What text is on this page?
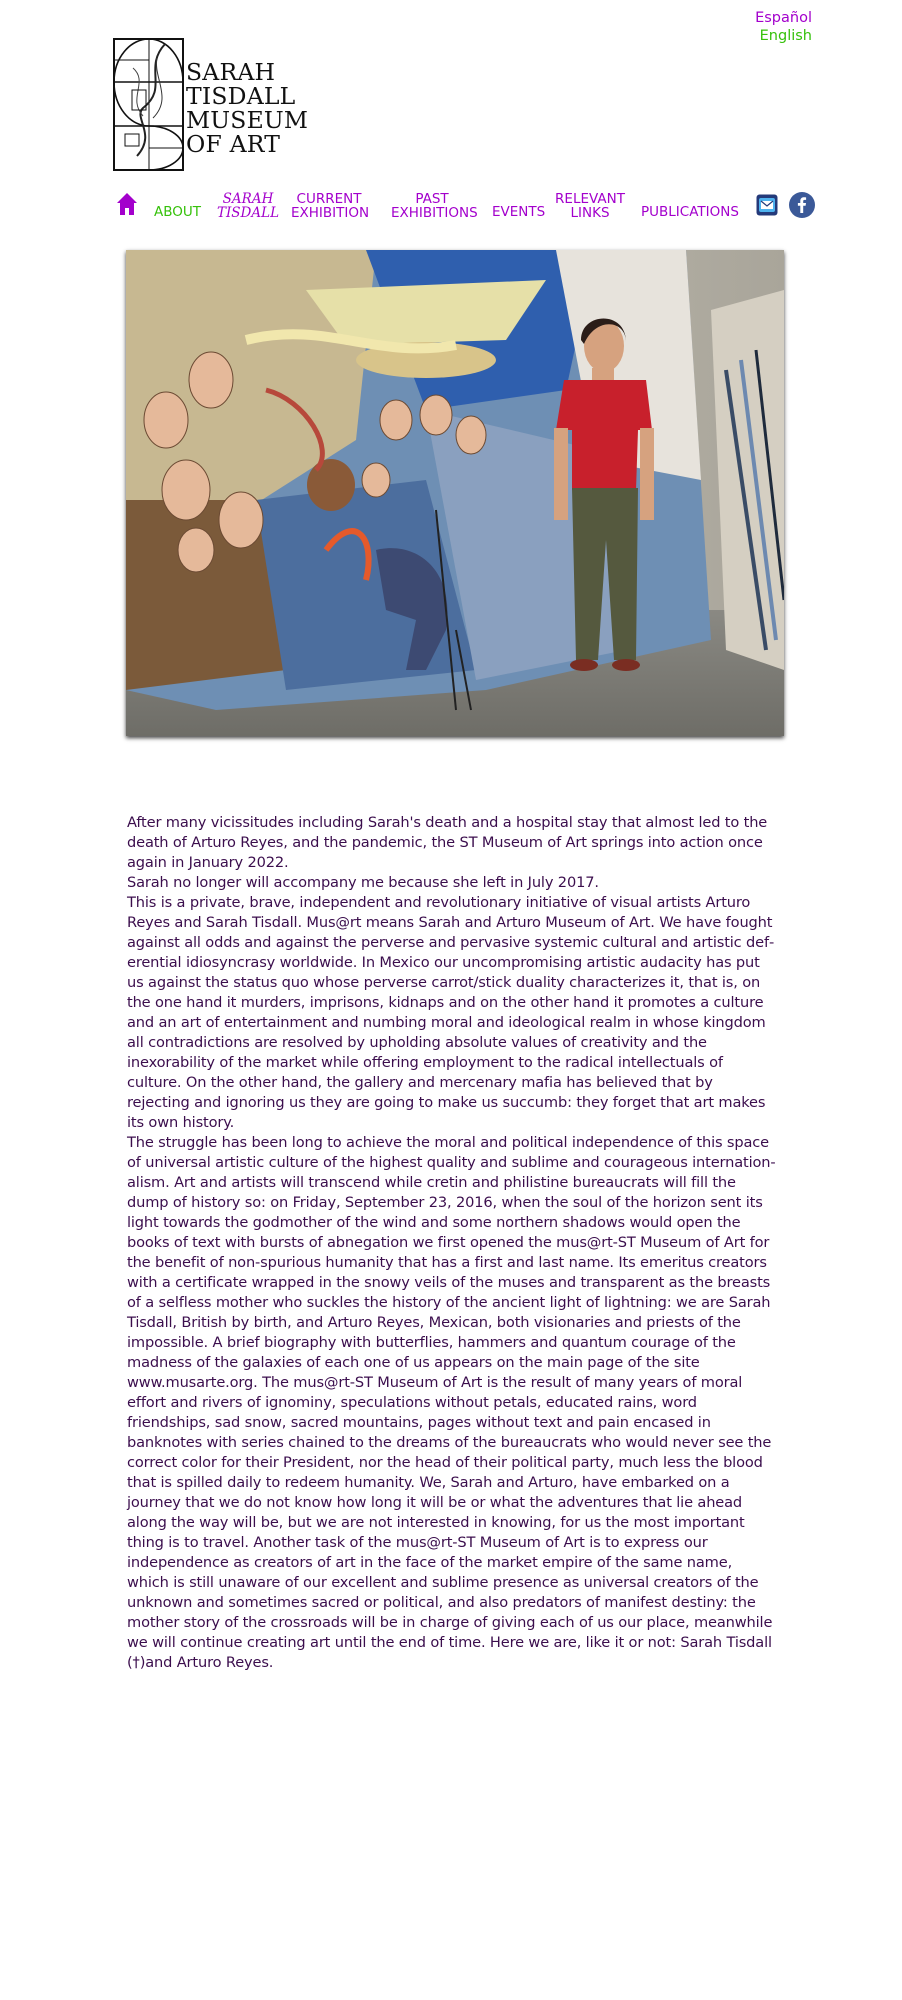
Español
English
SARAH
TISDALL
MUSEUM
OF ART
ABOUT
SARAH
TISDALL
CURRENT
EXHIBITION
PAST
EXHIBITIONS EVENTS
RELEVANT
LINKS	PUBLICATIONS

After many vicissitudes including Sarah's death and a hospital stay that almost led to the death of Arturo Reyes, and the pandemic, the ST Museum of Art springs into action once again in January 2022.

Sarah no longer will accompany me because she left in July 2017.

This is a private, brave, independent and revolutionary initiative of visual artists Arturo Reyes and Sarah Tisdall. Mus@rt means Sarah and Arturo Museum of Art. We have fought against all odds and against the perverse and pervasive systemic cultural and artistic deferential idiosyncrasy worldwide. In Mexico our uncompromising artistic audacity has put us against the status quo whose perverse carrot/stick duality characterizes it, that is, on the one hand it murders, imprisons, kidnaps and on the other hand it promotes a culture and an art of entertainment and numbing moral and ideological realm in whose kingdom all contradictions are resolved by upholding absolute values of creativity and the inexorability of the market while offering employment to the radical intellectuals of culture. On the other hand, the gallery and mercenary mafia has believed that by rejecting and ignoring us they are going to make us succumb: they forget that art makes its own history.

The struggle has been long to achieve the moral and political independence of this space of universal artistic culture of the highest quality and sublime and courageous internationalism. Art and artists will transcend while cretin and philistine bureaucrats will fill the dump of history so: on Friday, September 23, 2016, when the soul of the horizon sent its light towards the godmother of the wind and some northern shadows would open the books of text with bursts of abnegation we first opened the mus@rt-ST Museum of Art for the benefit of non-spurious humanity that has a first and last name. Its emeritus creators with a certificate wrapped in the snowy veils of the muses and transparent as the breasts of a selfless mother who suckles the history of the ancient light of lightning: we are Sarah Tisdall, British by birth, and Arturo Reyes, Mexican, both visionaries and priests of the impossible. A brief biography with butterflies, hammers and quantum courage of the madness of the galaxies of each one of us appears on the main page of the site www.musarte.org. The mus@rt-ST Museum of Art is the result of many years of moral effort and rivers of ignominy, speculations without petals, educated rains, word friendships, sad snow, sacred mountains, pages without text and pain encased in banknotes with series chained to the dreams of the bureaucrats who would never see the correct color for their President, nor the head of their political party, much less the blood that is spilled daily to redeem humanity. We, Sarah and Arturo, have embarked on a journey that we do not know how long it will be or what the adventures that lie ahead along the way will be, but we are not interested in knowing, for us the most important thing is to travel. Another task of the mus@rt-ST Museum of Art is to express our independence as creators of art in the face of the market empire of the same name, which is still unaware of our excellent and sublime presence as universal creators of the unknown and sometimes sacred or political, and also predators of manifest destiny: the mother story of the crossroads will be in charge of giving each of us our place, meanwhile we will continue creating art until the end of time. Here we are, like it or not: Sarah Tisdall (†)and Arturo Reyes.
